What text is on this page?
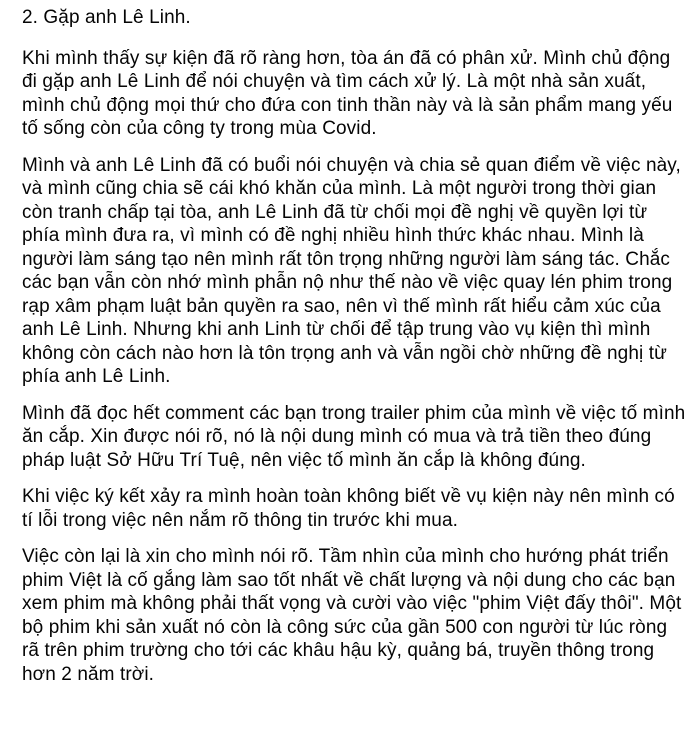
2. Gặp anh Lê Linh.

Khi mình thấy sự kiện đã rõ ràng hơn, tòa án đã có phân xử. Mình chủ động đi gặp anh Lê Linh để nói chuyện và tìm cách xử lý. Là một nhà sản xuất, mình chủ động mọi thứ cho đứa con tinh thần này và là sản phẩm mang yếu tố sống còn của công ty trong mùa Covid.

Mình và anh Lê Linh đã có buổi nói chuyện và chia sẻ quan điểm về việc này, và mình cũng chia sẽ cái khó khăn của mình. Là một người trong thời gian còn tranh chấp tại tòa, anh Lê Linh đã từ chối mọi đề nghị về quyền lợi từ phía mình đưa ra, vì mình có đề nghị nhiều hình thức khác nhau. Mình là người làm sáng tạo nên mình rất tôn trọng những người làm sáng tác. Chắc các bạn vẫn còn nhớ mình phẫn nộ như thế nào về việc quay lén phim trong rạp xâm phạm luật bản quyền ra sao, nên vì thế mình rất hiểu cảm xúc của anh Lê Linh. Nhưng khi anh Linh từ chối để tập trung vào vụ kiện thì mình không còn cách nào hơn là tôn trọng anh và vẫn ngồi chờ những đề nghị từ phía anh Lê Linh.

Mình đã đọc hết comment các bạn trong trailer phim của mình về việc tố mình ăn cắp. Xin được nói rõ, nó là nội dung mình có mua và trả tiền theo đúng pháp luật Sở Hữu Trí Tuệ, nên việc tố mình ăn cắp là không đúng.

Khi việc ký kết xảy ra mình hoàn toàn không biết về vụ kiện này nên mình có tí lỗi trong việc nên nắm rõ thông tin trước khi mua.

Việc còn lại là xin cho mình nói rõ. Tầm nhìn của mình cho hướng phát triển phim Việt là cố gắng làm sao tốt nhất về chất lượng và nội dung cho các bạn xem phim mà không phải thất vọng và cười vào việc "phim Việt đấy thôi". Một bộ phim khi sản xuất nó còn là công sức của gần 500 con người từ lúc ròng rã trên phim trường cho tới các khâu hậu kỳ, quảng bá, truyền thông trong hơn 2 năm trời.
